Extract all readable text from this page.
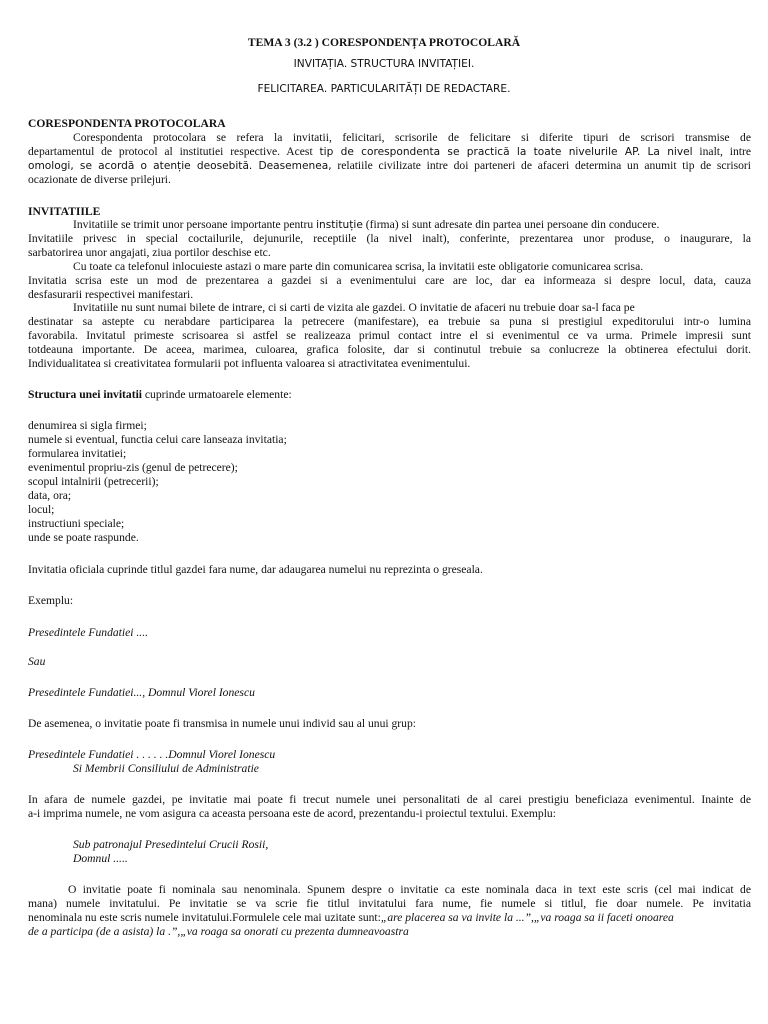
TEMA 3 (3.2 ) CORESPONDENȚA PROTOCOLARĂ

INVITAȚIA. STRUCTURA INVITAȚIEI.

FELICITAREA. PARTICULARITĂȚI DE REDACTARE.

CORESPONDENTA PROTOCOLARA

Corespondenta protocolara se refera la invitatii, felicitari, scrisorile de felicitare si diferite tipuri de scrisori transmise de

departamentul de protocol al institutiei respective. Acest tip de corespondenta se practică la toate nivelurile AP. La nivel inalt, intre

omologi, se acordă o atenție deosebită. Deasemenea, relatiile civilizate intre doi parteneri de afaceri determina un anumit tip de scrisori

ocazionate de diverse prilejuri.

INVITATIILE

Invitatiile se trimit unor persoane importante pentru instituție (firma) si sunt adresate din partea unei persoane din conducere.

Invitatiile privesc in special coctailurile, dejunurile, receptiile (la nivel inalt), conferinte, prezentarea unor produse, o inaugurare, la

sarbatorirea unor angajati, ziua portilor deschise etc.

Cu toate ca telefonul inlocuieste astazi o mare parte din comunicarea scrisa, la invitatii este obligatorie comunicarea scrisa.

Invitatia scrisa este un mod de prezentarea a gazdei si a evenimentului care are loc, dar ea informeaza si despre locul, data, cauza

desfasurarii respectivei manifestari.

Invitatiile nu sunt numai bilete de intrare, ci si carti de vizita ale gazdei. O invitatie de afaceri nu trebuie doar sa-l faca pe

destinatar sa astepte cu nerabdare participarea la petrecere (manifestare), ea trebuie sa puna si prestigiul expeditorului intr-o lumina

favorabila. Invitatul primeste scrisoarea si astfel se realizeaza primul contact intre el si evenimentul ce va urma. Primele impresii sunt

totdeauna importante. De aceea, marimea, culoarea, grafica folosite, dar si continutul trebuie sa conlucreze la obtinerea efectului dorit.

Individualitatea si creativitatea formularii pot influenta valoarea si atractivitatea evenimentului.

Structura unei invitatii cuprinde urmatoarele elemente:

denumirea si sigla firmei;

numele si eventual, functia celui care lanseaza invitatia;

formularea invitatiei;

evenimentul propriu-zis (genul de petrecere);

scopul intalnirii (petrecerii);

data, ora;

locul;

instructiuni speciale;

unde se poate raspunde.

Invitatia oficiala cuprinde titlul gazdei fara nume, dar adaugarea numelui nu reprezinta o greseala.

Exemplu:

Presedintele Fundatiei ....

Sau

Presedintele Fundatiei..., Domnul Viorel Ionescu

De asemenea, o invitatie poate fi transmisa in numele unui individ sau al unui grup:

Presedintele Fundatiei . . . . . .Domnul Viorel Ionescu

Si Membrii Consiliului de Administratie

In afara de numele gazdei, pe invitatie mai poate fi trecut numele unei personalitati de al carei prestigiu beneficiaza evenimentul. Inainte de

a-i imprima numele, ne vom asigura ca aceasta persoana este de acord, prezentandu-i proiectul textului. Exemplu:

Sub patronajul Presedintelui Crucii Rosii,

Domnul .....

O invitatie poate fi nominala sau nenominala. Spunem despre o invitatie ca este nominala daca in text este scris (cel mai indicat de

mana) numele invitatului. Pe invitatie se va scrie fie titlul invitatului fara nume, fie numele si titlul, fie doar numele. Pe invitatia

nenominala nu este scris numele invitatului.Formulele cele mai uzitate sunt:„are placerea sa va invite la ...”,„va roaga sa ii faceti onoarea

de a participa (de a asista) la .”,„va roaga sa onorati cu prezenta dumneavoastra
